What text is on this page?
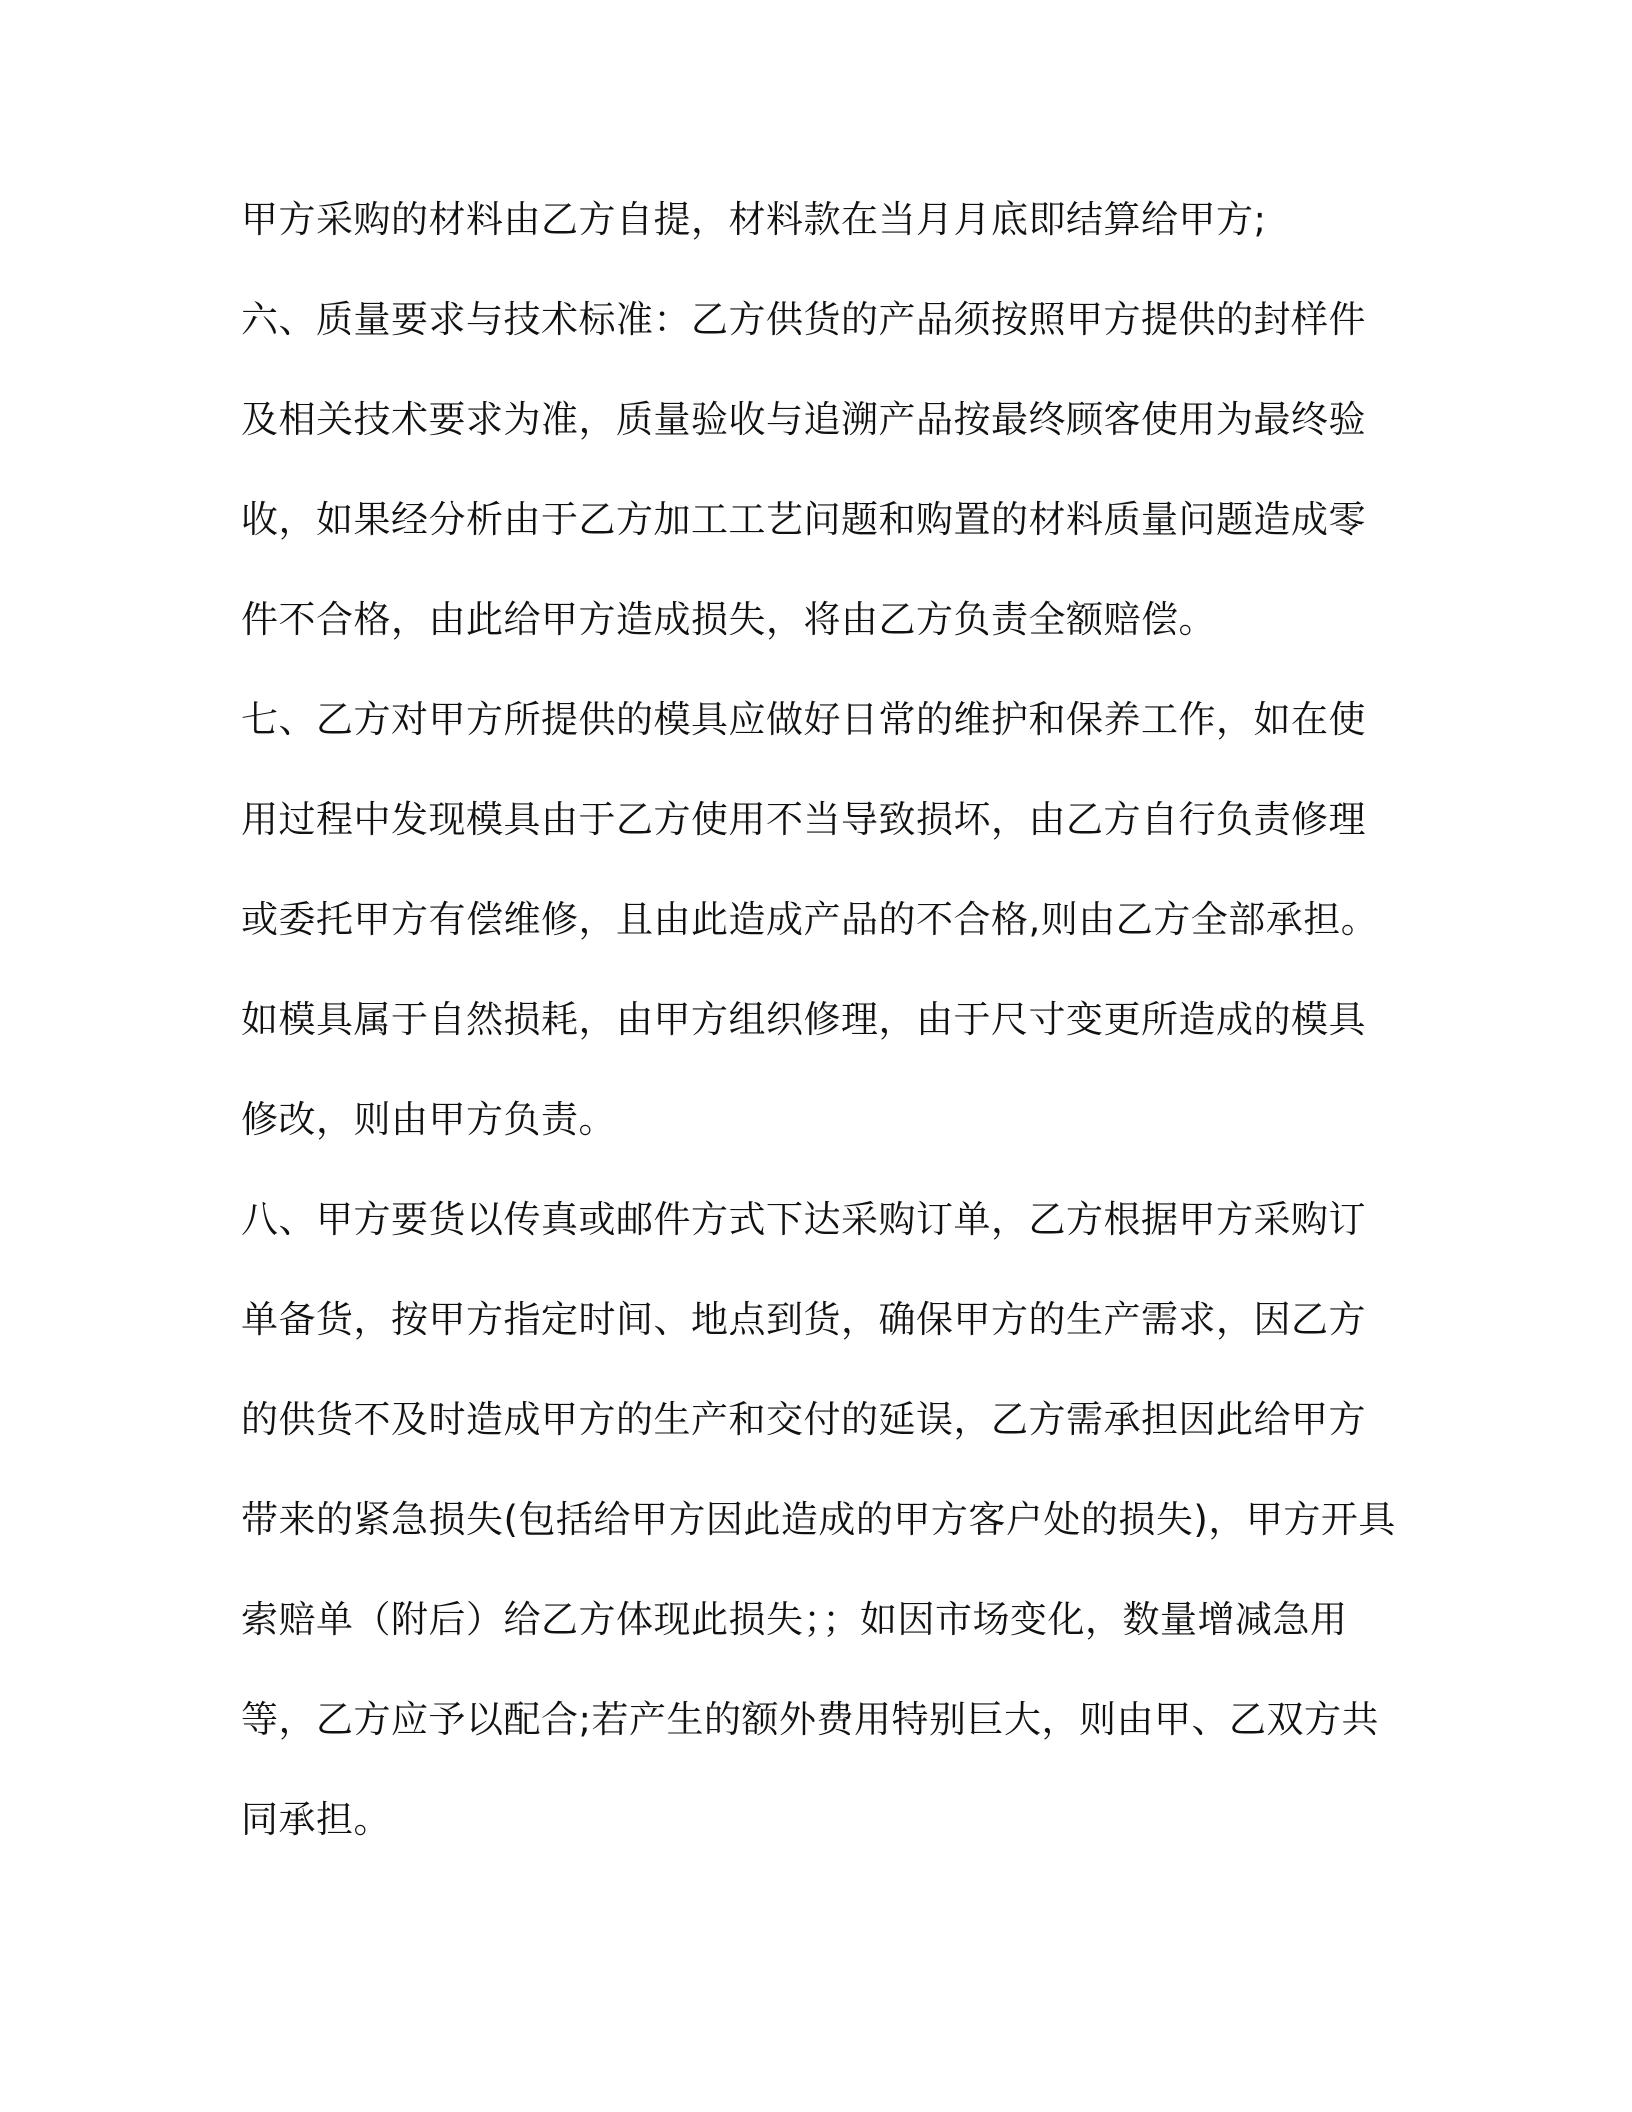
甲方采购的材料由乙方自提，材料款在当月月底即结算给甲方;
六、质量要求与技术标准：乙方供货的产品须按照甲方提供的封样件
及相关技术要求为准，质量验收与追溯产品按最终顾客使用为最终验
收，如果经分析由于乙方加工工艺问题和购置的材料质量问题造成零
件不合格，由此给甲方造成损失，将由乙方负责全额赔偿。
七、乙方对甲方所提供的模具应做好日常的维护和保养工作，如在使
用过程中发现模具由于乙方使用不当导致损坏，由乙方自行负责修理
或委托甲方有偿维修，且由此造成产品的不合格,则由乙方全部承担。
如模具属于自然损耗，由甲方组织修理，由于尺寸变更所造成的模具
修改，则由甲方负责。
八、甲方要货以传真或邮件方式下达采购订单，乙方根据甲方采购订
单备货，按甲方指定时间、地点到货，确保甲方的生产需求，因乙方
的供货不及时造成甲方的生产和交付的延误，乙方需承担因此给甲方
带来的紧急损失(包括给甲方因此造成的甲方客户处的损失)，甲方开具
索赔单（附后）给乙方体现此损失；；如因市场变化，数量增减急用
等，乙方应予以配合;若产生的额外费用特别巨大，则由甲、乙双方共
同承担。
